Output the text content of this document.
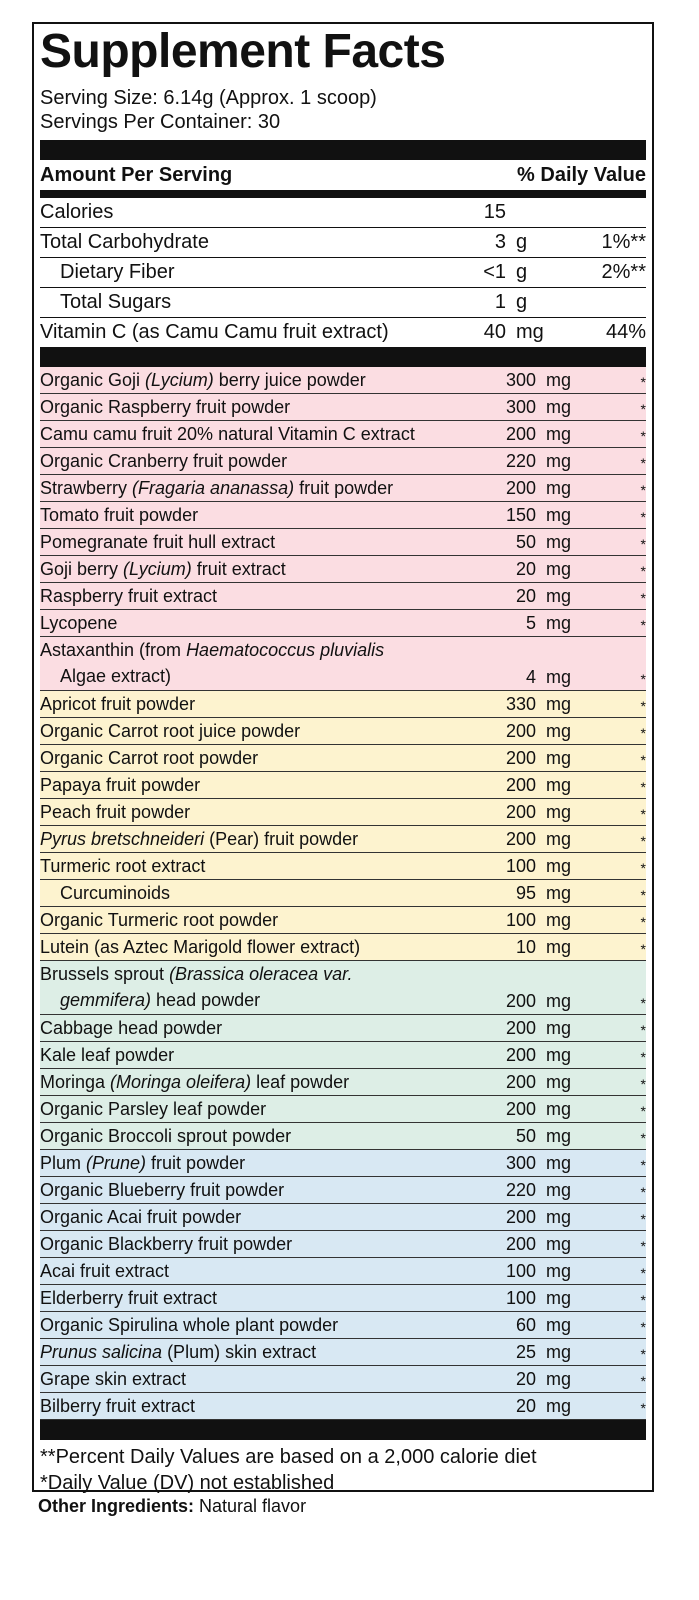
Supplement Facts
Serving Size: 6.14g (Approx. 1 scoop)
Servings Per Container: 30
Amount Per Serving	% Daily Value
Calories	15
Total Carbohydrate	3 g	1%**
Dietary Fiber	<1 g	2%**
Total Sugars	1 g
Vitamin C (as Camu Camu fruit extract)	40 mg	44%
Organic Goji (Lycium) berry juice powder	300 mg	*
Organic Raspberry fruit powder	300 mg	*
Camu camu fruit 20% natural Vitamin C extract	200 mg	*
Organic Cranberry fruit powder	220 mg	*
Strawberry (Fragaria ananassa) fruit powder	200 mg	*
Tomato fruit powder	150 mg	*
Pomegranate fruit hull extract	50 mg	*
Goji berry (Lycium) fruit extract	20 mg	*
Raspberry fruit extract	20 mg	*
Lycopene	5 mg	*
Astaxanthin (from Haematococcus pluvialis
Algae extract)	4 mg	*
Apricot fruit powder	330 mg	*
Organic Carrot root juice powder	200 mg	*
Organic Carrot root powder	200 mg	*
Papaya fruit powder	200 mg	*
Peach fruit powder	200 mg	*
Pyrus bretschneideri (Pear) fruit powder	200 mg	*
Turmeric root extract	100 mg	*
Curcuminoids	95 mg	*
Organic Turmeric root powder	100 mg	*
Lutein (as Aztec Marigold flower extract)	10 mg	*
Brussels sprout (Brassica oleracea var.
gemmifera) head powder	200 mg	*
Cabbage head powder	200 mg	*
Kale leaf powder	200 mg	*
Moringa (Moringa oleifera) leaf powder	200 mg	*
Organic Parsley leaf powder	200 mg	*
Organic Broccoli sprout powder	50 mg	*
Plum (Prune) fruit powder	300 mg	*
Organic Blueberry fruit powder	220 mg	*
Organic Acai fruit powder	200 mg	*
Organic Blackberry fruit powder	200 mg	*
Acai fruit extract	100 mg	*
Elderberry fruit extract	100 mg	*
Organic Spirulina whole plant powder	60 mg	*
Prunus salicina (Plum) skin extract	25 mg	*
Grape skin extract	20 mg	*
Bilberry fruit extract	20 mg	*
**Percent Daily Values are based on a 2,000 calorie diet
*Daily Value (DV) not established
Other Ingredients: Natural flavor
